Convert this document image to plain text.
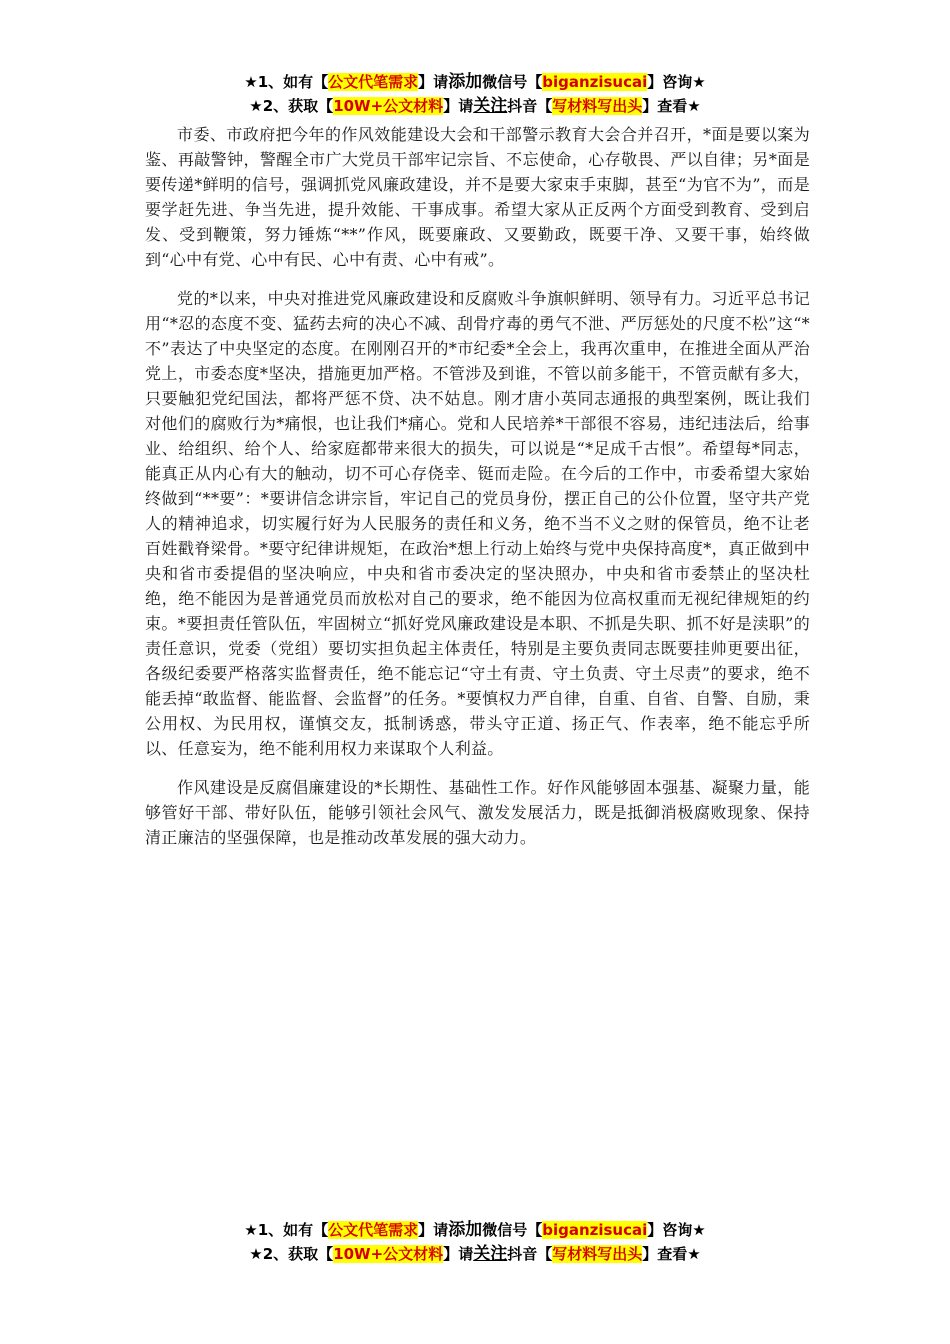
★1、如有【公文代笔需求】请添加微信号【biganzisucai】咨询★
★2、获取【10W+公文材料】请关注抖音【写材料写出头】查看★

市委、市政府把今年的作风效能建设大会和干部警示教育大会合并召开，*面是要以案为鉴、再敲警钟，警醒全市广大党员干部牢记宗旨、不忘使命，心存敬畏、严以自律；另*面是要传递*鲜明的信号，强调抓党风廉政建设，并不是要大家束手束脚，甚至“为官不为”，而是要学赶先进、争当先进，提升效能、干事成事。希望大家从正反两个方面受到教育、受到启发、受到鞭策，努力锤炼“**”作风，既要廉政、又要勤政，既要干净、又要干事，始终做到“心中有党、心中有民、心中有责、心中有戒”。

党的*以来，中央对推进党风廉政建设和反腐败斗争旗帜鲜明、领导有力。习近平总书记用“*忍的态度不变、猛药去疴的决心不减、刮骨疗毒的勇气不泄、严厉惩处的尺度不松”这“*不”表达了中央坚定的态度。在刚刚召开的*市纪委*全会上，我再次重申，在推进全面从严治党上，市委态度*坚决，措施更加严格。不管涉及到谁，不管以前多能干，不管贡献有多大，只要触犯党纪国法，都将严惩不贷、决不姑息。刚才唐小英同志通报的典型案例，既让我们对他们的腐败行为*痛恨，也让我们*痛心。党和人民培养*干部很不容易，违纪违法后，给事业、给组织、给个人、给家庭都带来很大的损失，可以说是“*足成千古恨”。希望每*同志，能真正从内心有大的触动，切不可心存侥幸、铤而走险。在今后的工作中，市委希望大家始终做到“**要”：*要讲信念讲宗旨，牢记自己的党员身份，摆正自己的公仆位置，坚守共产党人的精神追求，切实履行好为人民服务的责任和义务，绝不当不义之财的保管员，绝不让老百姓戳脊梁骨。*要守纪律讲规矩，在政治*想上行动上始终与党中央保持高度*，真正做到中央和省市委提倡的坚决响应，中央和省市委决定的坚决照办，中央和省市委禁止的坚决杜绝，绝不能因为是普通党员而放松对自己的要求，绝不能因为位高权重而无视纪律规矩的约束。*要担责任管队伍，牢固树立“抓好党风廉政建设是本职、不抓是失职、抓不好是渎职”的责任意识，党委（党组）要切实担负起主体责任，特别是主要负责同志既要挂帅更要出征，各级纪委要严格落实监督责任，绝不能忘记“守土有责、守土负责、守土尽责”的要求，绝不能丢掉“敢监督、能监督、会监督”的任务。*要慎权力严自律，自重、自省、自警、自励，秉公用权、为民用权，谨慎交友，抵制诱惑，带头守正道、扬正气、作表率，绝不能忘乎所以、任意妄为，绝不能利用权力来谋取个人利益。

作风建设是反腐倡廉建设的*长期性、基础性工作。好作风能够固本强基、凝聚力量，能够管好干部、带好队伍，能够引领社会风气、激发发展活力，既是抵御消极腐败现象、保持清正廉洁的坚强保障，也是推动改革发展的强大动力。

★1、如有【公文代笔需求】请添加微信号【biganzisucai】咨询★
★2、获取【10W+公文材料】请关注抖音【写材料写出头】查看★
